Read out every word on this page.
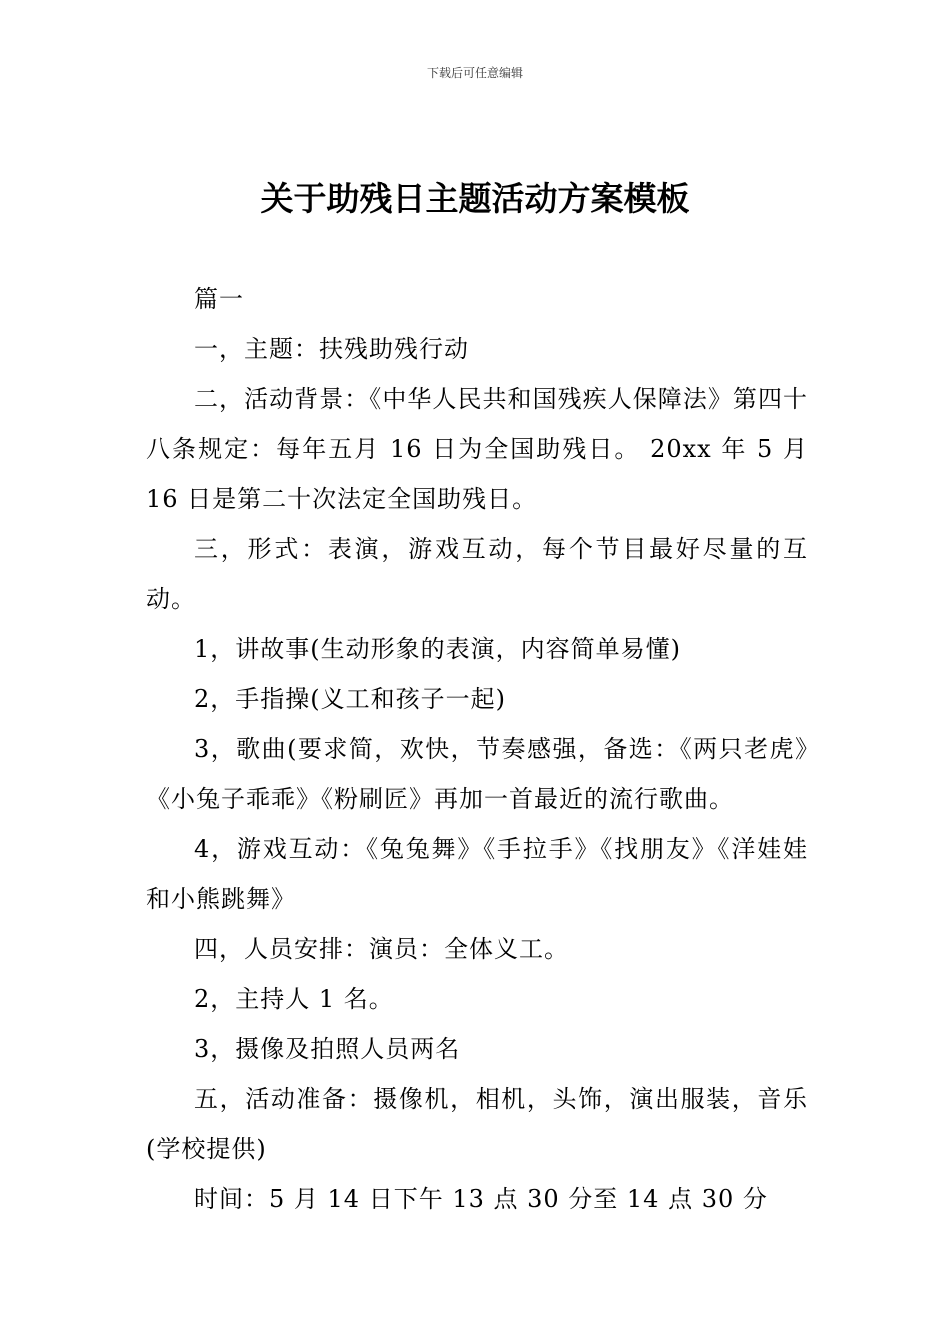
下载后可任意编辑
关于助残日主题活动方案模板

篇一

一，主题：扶残助残行动

二，活动背景：《中华人民共和国残疾人保障法》第四十八条规定：每年五月 16 日为全国助残日。 20xx 年 5 月 16 日是第二十次法定全国助残日。

三，形式：表演，游戏互动，每个节目最好尽量的互动。

1，讲故事(生动形象的表演，内容简单易懂)

2，手指操(义工和孩子一起)

3，歌曲(要求简，欢快，节奏感强，备选：《两只老虎》《小兔子乖乖》《粉刷匠》再加一首最近的流行歌曲。

4，游戏互动：《兔兔舞》《手拉手》《找朋友》《洋娃娃和小熊跳舞》

四，人员安排：演员：全体义工。

2，主持人 1 名。

3，摄像及拍照人员两名

五，活动准备：摄像机，相机，头饰，演出服装，音乐(学校提供)

时间：5 月 14 日下午 13 点 30 分至 14 点 30 分
